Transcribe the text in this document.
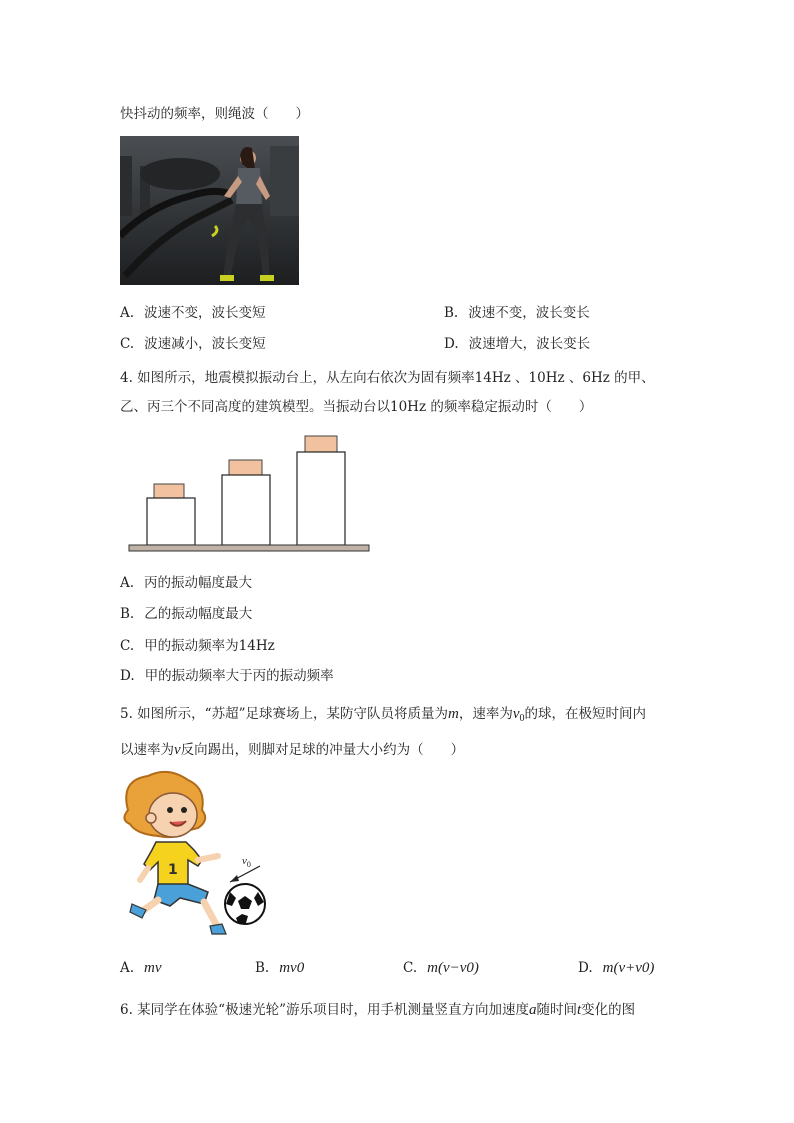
快抖动的频率，则绳波（　　）
A. 波速不变，波长变短	B. 波速不变，波长变长
C. 波速减小，波长变短	D. 波速增大，波长变长
4. 如图所示，地震模拟振动台上，从左向右依次为固有频率14Hz 、10Hz 、6Hz 的甲、
乙、丙三个不同高度的建筑模型。当振动台以10Hz 的频率稳定振动时（　　）
A. 丙的振动幅度最大
B. 乙的振动幅度最大
C. 甲的振动频率为14Hz
D. 甲的振动频率大于丙的振动频率
5. 如图所示，“苏超”足球赛场上，某防守队员将质量为m，速率为$v_0$的球，在极短时间内
以速率为v反向踢出，则脚对足球的冲量大小约为（　　）
1
$v_0$
A. mv	B. mv0	C. m(v−v0)	D. m(v+v0)
6. 某同学在体验“极速光轮”游乐项目时，用手机测量竖直方向加速度a随时间t变化的图
